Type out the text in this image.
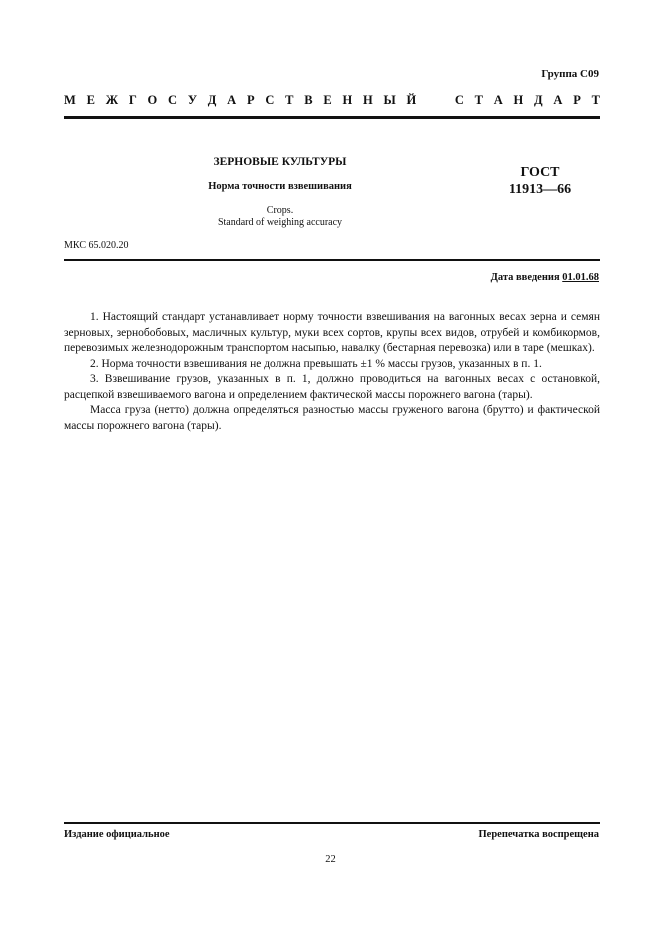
Группа С09
М Е Ж Г О С У Д А Р С Т В Е Н Н Ы Й

	С Т А Н Д А Р Т
ЗЕРНОВЫЕ КУЛЬТУРЫ
Норма точности взвешивания
Crops.
Standard of weighing accuracy
ГОСТ
11913—66
МКС 65.020.20
Дата введения 01.01.68

1. Настоящий стандарт устанавливает норму точности взвешивания на вагонных весах зерна и семян зерновых, зернобобовых, масличных культур, муки всех сортов, крупы всех видов, отрубей и комбикормов, перевозимых железнодорожным транспортом насыпью, навалку (бестарная перевозка) или в таре (мешках).

2. Норма точности взвешивания не должна превышать ±1 % массы грузов, указанных в п. 1.

3. Взвешивание грузов, указанных в п. 1, должно проводиться на вагонных весах с остановкой, расцепкой взвешиваемого вагона и определением фактической массы порожнего вагона (тары).

Масса груза (нетто) должна определяться разностью массы груженого вагона (брутто) и фактической массы порожнего вагона (тары).

Издание официальное	Перепечатка воспрещена
22
